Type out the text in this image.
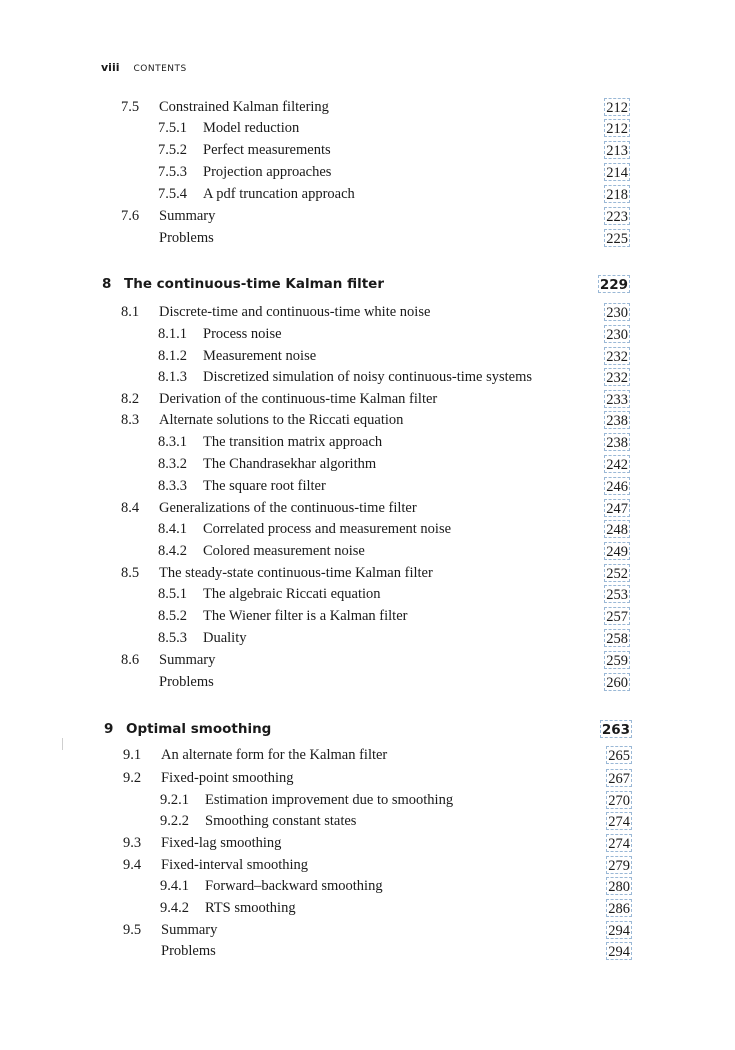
viii CONTENTS
7.5 Constrained Kalman filtering	212
7.5.1 Model reduction	212
7.5.2 Perfect measurements	213
7.5.3 Projection approaches	214
7.5.4 A pdf truncation approach	218
7.6 Summary	223
Problems	225
8 The continuous-time Kalman filter	229
8.1 Discrete-time and continuous-time white noise	230
8.1.1 Process noise	230
8.1.2 Measurement noise	232
8.1.3 Discretized simulation of noisy continuous-time systems	232
8.2 Derivation of the continuous-time Kalman filter	233
8.3 Alternate solutions to the Riccati equation	238
8.3.1 The transition matrix approach	238
8.3.2 The Chandrasekhar algorithm	242
8.3.3 The square root filter	246
8.4 Generalizations of the continuous-time filter	247
8.4.1 Correlated process and measurement noise	248
8.4.2 Colored measurement noise	249
8.5 The steady-state continuous-time Kalman filter	252
8.5.1 The algebraic Riccati equation	253
8.5.2 The Wiener filter is a Kalman filter	257
8.5.3 Duality	258
8.6 Summary	259
Problems	260
9 Optimal smoothing	263
9.1 An alternate form for the Kalman filter	265
9.2 Fixed-point smoothing	267
9.2.1 Estimation improvement due to smoothing	270
9.2.2 Smoothing constant states	274
9.3 Fixed-lag smoothing	274
9.4 Fixed-interval smoothing	279
9.4.1 Forward–backward smoothing	280
9.4.2 RTS smoothing	286
9.5 Summary	294
Problems	294
